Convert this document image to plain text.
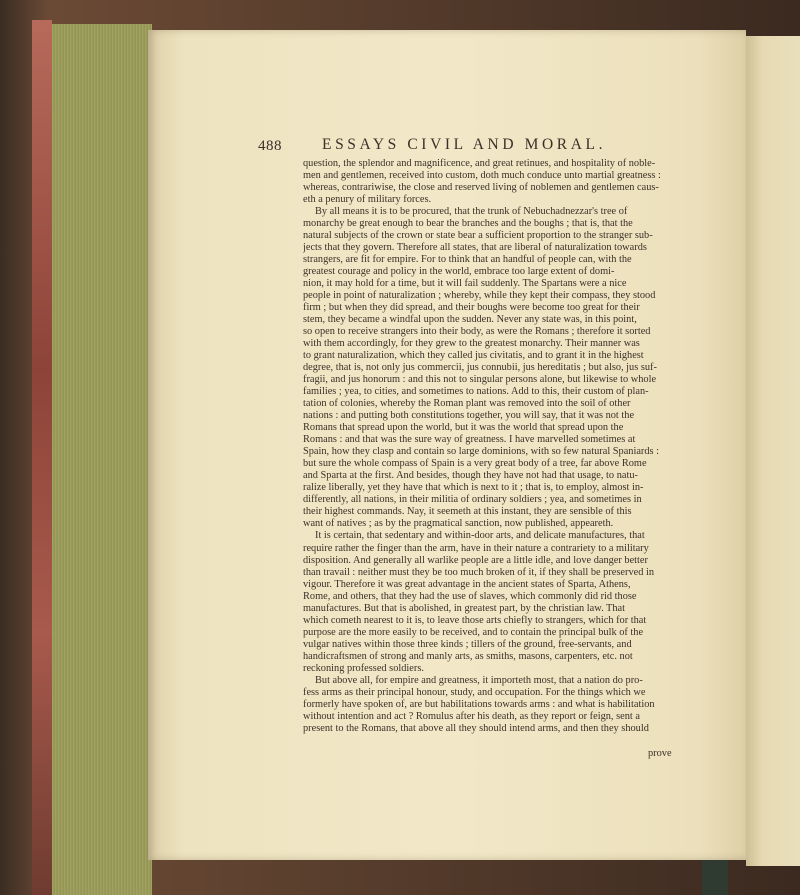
488	ESSAYS CIVIL AND MORAL.
question, the splendor and magnificence, and great retinues, and hospitality of noble-
men and gentlemen, received into custom, doth much conduce unto martial greatness :
whereas, contrariwise, the close and reserved living of noblemen and gentlemen caus-
eth a penury of military forces.
By all means it is to be procured, that the trunk of Nebuchadnezzar's tree of
monarchy be great enough to bear the branches and the boughs ; that is, that the
natural subjects of the crown or state bear a sufficient proportion to the stranger sub-
jects that they govern. Therefore all states, that are liberal of naturalization towards
strangers, are fit for empire. For to think that an handful of people can, with the
greatest courage and policy in the world, embrace too large extent of domi-
nion, it may hold for a time, but it will fail suddenly. The Spartans were a nice
people in point of naturalization ; whereby, while they kept their compass, they stood
firm ; but when they did spread, and their boughs were become too great for their
stem, they became a windfal upon the sudden. Never any state was, in this point,
so open to receive strangers into their body, as were the Romans ; therefore it sorted
with them accordingly, for they grew to the greatest monarchy. Their manner was
to grant naturalization, which they called jus civitatis, and to grant it in the highest
degree, that is, not only jus commercii, jus connubii, jus hereditatis ; but also, jus suf-
fragii, and jus honorum : and this not to singular persons alone, but likewise to whole
families ; yea, to cities, and sometimes to nations. Add to this, their custom of plan-
tation of colonies, whereby the Roman plant was removed into the soil of other
nations : and putting both constitutions together, you will say, that it was not the
Romans that spread upon the world, but it was the world that spread upon the
Romans : and that was the sure way of greatness. I have marvelled sometimes at
Spain, how they clasp and contain so large dominions, with so few natural Spaniards :
but sure the whole compass of Spain is a very great body of a tree, far above Rome
and Sparta at the first. And besides, though they have not had that usage, to natu-
ralize liberally, yet they have that which is next to it ; that is, to employ, almost in-
differently, all nations, in their militia of ordinary soldiers ; yea, and sometimes in
their highest commands. Nay, it seemeth at this instant, they are sensible of this
want of natives ; as by the pragmatical sanction, now published, appeareth.
It is certain, that sedentary and within-door arts, and delicate manufactures, that
require rather the finger than the arm, have in their nature a contrariety to a military
disposition. And generally all warlike people are a little idle, and love danger better
than travail : neither must they be too much broken of it, if they shall be preserved in
vigour. Therefore it was great advantage in the ancient states of Sparta, Athens,
Rome, and others, that they had the use of slaves, which commonly did rid those
manufactures. But that is abolished, in greatest part, by the christian law. That
which cometh nearest to it is, to leave those arts chiefly to strangers, which for that
purpose are the more easily to be received, and to contain the principal bulk of the
vulgar natives within those three kinds ; tillers of the ground, free-servants, and
handicraftsmen of strong and manly arts, as smiths, masons, carpenters, etc. not
reckoning professed soldiers.
But above all, for empire and greatness, it importeth most, that a nation do pro-
fess arms as their principal honour, study, and occupation. For the things which we
formerly have spoken of, are but habilitations towards arms : and what is habilitation
without intention and act ? Romulus after his death, as they report or feign, sent a
present to the Romans, that above all they should intend arms, and then they should
prove
